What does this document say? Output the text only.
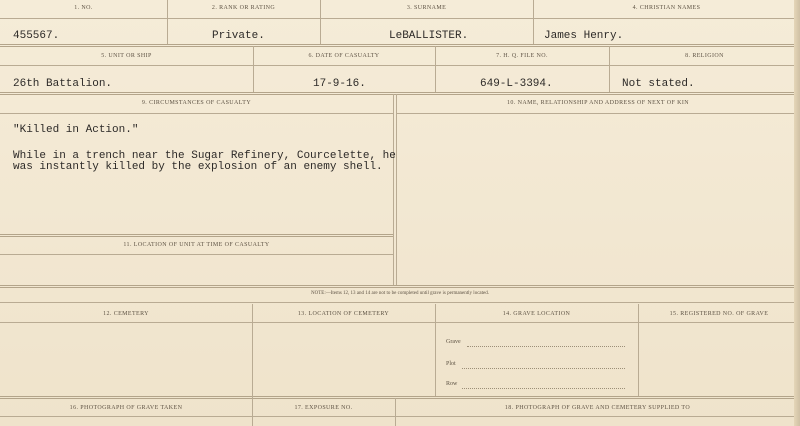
1. NO.	2. RANK OR RATING	3. SURNAME	4. CHRISTIAN NAMES
455567.	Private.	LeBALLISTER.	James Henry.
5. UNIT OR SHIP	6. DATE OF CASUALTY	7. H. Q. FILE NO.	8. RELIGION
26th Battalion.	17-9-16.	649-L-3394.	Not stated.
9. CIRCUMSTANCES OF CASUALTY
"Killed in Action."
While in a trench near the Sugar Refinery, Courcelette, he
was instantly killed by the explosion of an enemy shell.
10. NAME, RELATIONSHIP AND ADDRESS OF NEXT OF KIN
11. LOCATION OF UNIT AT TIME OF CASUALTY
NOTE:—Items 12, 13 and 14 are not to be completed until grave is permanently located.
12. CEMETERY	13. LOCATION OF CEMETERY	14. GRAVE LOCATION	15. REGISTERED NO. OF GRAVE
Grave
Plot
Row
16. PHOTOGRAPH OF GRAVE TAKEN	17. EXPOSURE NO.	18. PHOTOGRAPH OF GRAVE AND CEMETERY SUPPLIED TO
